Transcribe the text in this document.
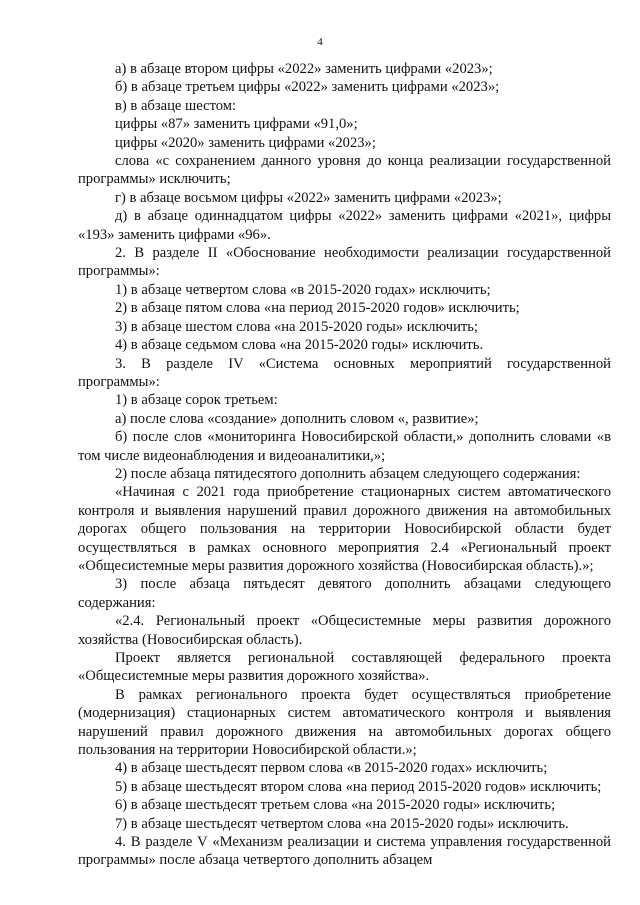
4

а) в абзаце втором цифры «2022» заменить цифрами «2023»;

б) в абзаце третьем цифры «2022» заменить цифрами «2023»;

в) в абзаце шестом:

цифры «87» заменить цифрами «91,0»;

цифры «2020» заменить цифрами «2023»;

слова «с сохранением данного уровня до конца реализации государственной программы» исключить;

г) в абзаце восьмом цифры «2022» заменить цифрами «2023»;

д) в абзаце одиннадцатом цифры «2022» заменить цифрами «2021», цифры «193» заменить цифрами «96».

2. В разделе II «Обоснование необходимости реализации государственной программы»:

1) в абзаце четвертом слова «в 2015-2020 годах» исключить;

2) в абзаце пятом слова «на период 2015-2020 годов» исключить;

3) в абзаце шестом слова «на 2015-2020 годы» исключить;

4) в абзаце седьмом слова «на 2015-2020 годы» исключить.

3. В разделе IV «Система основных мероприятий государственной программы»:

1) в абзаце сорок третьем:

а) после слова «создание» дополнить словом «, развитие»;

б) после слов «мониторинга Новосибирской области,» дополнить словами «в том числе видеонаблюдения и видеоаналитики,»;

2) после абзаца пятидесятого дополнить абзацем следующего содержания:

«Начиная с 2021 года приобретение стационарных систем автоматического контроля и выявления нарушений правил дорожного движения на автомобильных дорогах общего пользования на территории Новосибирской области будет осуществляться в рамках основного мероприятия 2.4 «Региональный проект «Общесистемные меры развития дорожного хозяйства (Новосибирская область).»;

3) после абзаца пятьдесят девятого дополнить абзацами следующего содержания:

«2.4. Региональный проект «Общесистемные меры развития дорожного хозяйства (Новосибирская область).

Проект является региональной составляющей федерального проекта «Общесистемные меры развития дорожного хозяйства».

В рамках регионального проекта будет осуществляться приобретение (модернизация) стационарных систем автоматического контроля и выявления нарушений правил дорожного движения на автомобильных дорогах общего пользования на территории Новосибирской области.»;

4) в абзаце шестьдесят первом слова «в 2015-2020 годах» исключить;

5) в абзаце шестьдесят втором слова «на период 2015-2020 годов» исключить;

6) в абзаце шестьдесят третьем слова «на 2015-2020 годы» исключить;

7) в абзаце шестьдесят четвертом слова «на 2015-2020 годы» исключить.

4. В разделе V «Механизм реализации и система управления государственной программы» после абзаца четвертого дополнить абзацем
